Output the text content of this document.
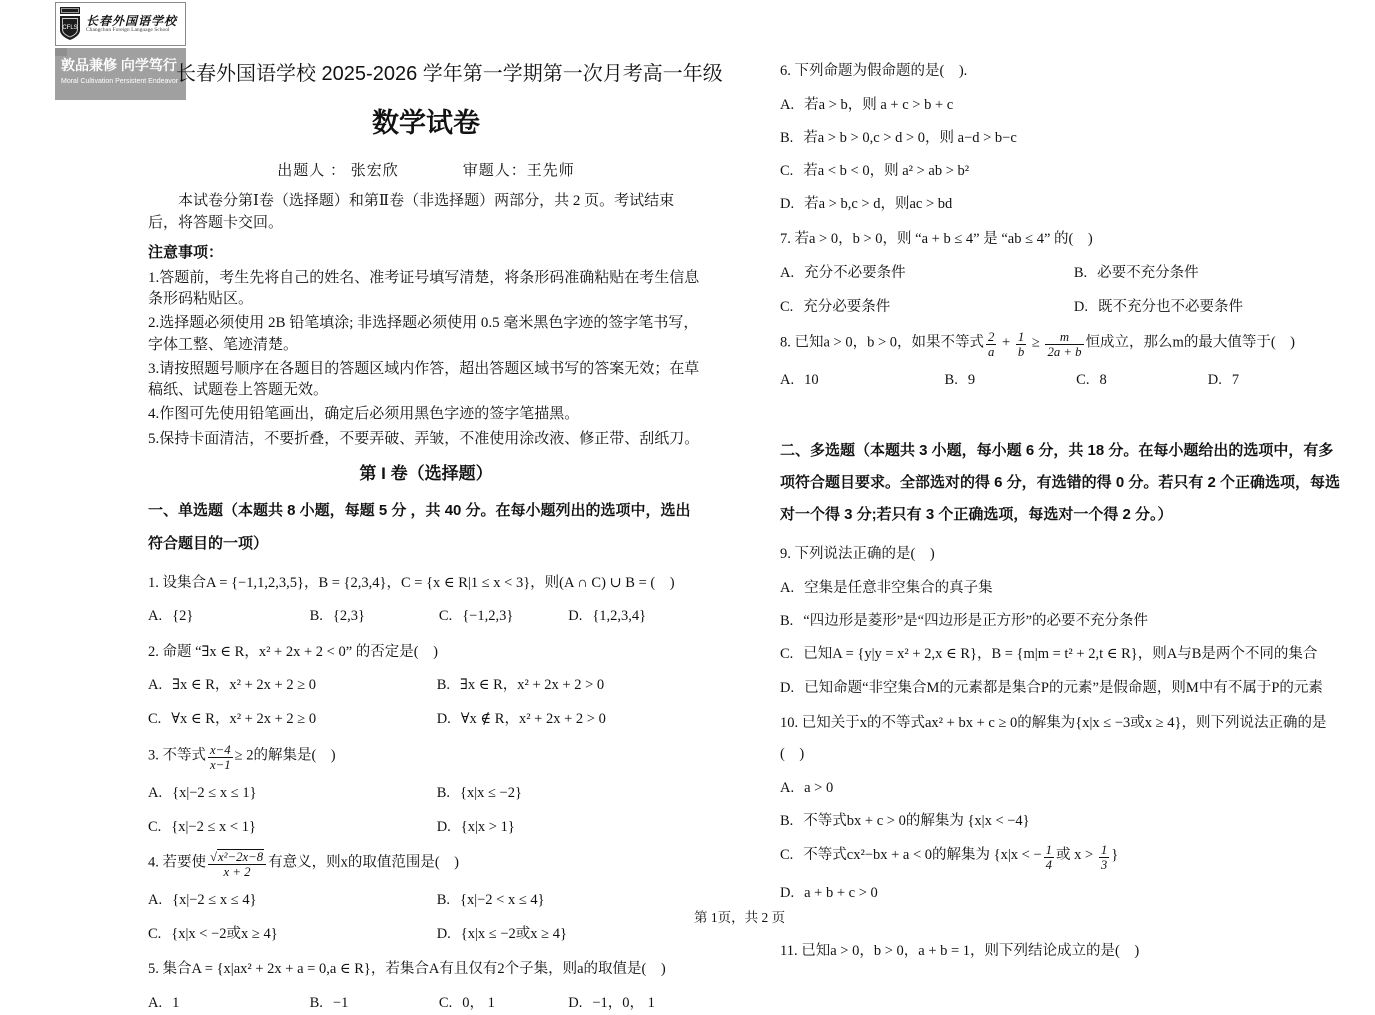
CFLS
长春外国语学校
Changchun Foreign Language School
敦品兼修 向学笃行
Moral Cultivation Persistent Endeavor
长春外国语学校 2025-2026 学年第一学期第一次月考高一年级
数学试卷
出题人 ： 张宏欣　　　　审题人：王先师
本试卷分第Ⅰ卷（选择题）和第Ⅱ卷（非选择题）两部分，共 2 页。考试结束后，将答题卡交回。
注意事项：
1.答题前，考生先将自己的姓名、准考证号填写清楚，将条形码准确粘贴在考生信息条形码粘贴区。
2.选择题必须使用 2B 铅笔填涂; 非选择题必须使用 0.5 毫米黑色字迹的签字笔书写，字体工整、笔迹清楚。
3.请按照题号顺序在各题目的答题区域内作答，超出答题区域书写的答案无效；在草稿纸、试题卷上答题无效。
4.作图可先使用铅笔画出，确定后必须用黑色字迹的签字笔描黑。
5.保持卡面清洁，不要折叠，不要弄破、弄皱，不准使用涂改液、修正带、刮纸刀。
第 I 卷（选择题）
一、单选题（本题共 8 小题，每题 5 分 ，共 40 分。在每小题列出的选项中，选出符合题目的一项）
1. 设集合A = {−1,1,2,3,5}，B = {2,3,4}，C = {x ∈ R|1 ≤ x < 3}，则(A ∩ C) ∪ B = (　)
A. {2}	B. {2,3}	C. {−1,2,3}	D. {1,2,3,4}
2. 命题 “∃x ∈ R，x² + 2x + 2 < 0” 的否定是(　)
A. ∃x ∈ R，x² + 2x + 2 ≥ 0	B. ∃x ∈ R，x² + 2x + 2 > 0
C. ∀x ∈ R，x² + 2x + 2 ≥ 0	D. ∀x ∉ R，x² + 2x + 2 > 0
3. 不等式 $\frac{x-4}{x-1} \ge 2$的解集是(　)
A. {x|−2 ≤ x ≤ 1}	B. {x|x ≤ −2}
C. {x|−2 ≤ x < 1}	D. {x|x > 1}
4. 若要使 $\frac{\text{√x²−2x−8}}{x + 2}$ 有意义，则x的取值范围是(　)
A. {x|−2 ≤ x ≤ 4}	B. {x|−2 < x ≤ 4}
C. {x|x < −2或x ≥ 4}	D. {x|x ≤ −2或x ≥ 4}
5. 集合A = {x|ax² + 2x + a = 0,a ∈ R}，若集合A有且仅有2个子集，则a的取值是(　)
A. 1	B. −1	C. 0， 1	D. −1，0， 1
6. 下列命题为假命题的是(　).
A. 若a > b，则 a + c > b + c
B. 若a > b > 0,c > d > 0，则 a−d > b−c
C. 若a < b < 0，则 a² > ab > b²
D. 若a > b,c > d，则ac > bd
7. 若a > 0，b > 0，则 “a + b ≤ 4” 是 “ab ≤ 4” 的(　)
A. 充分不必要条件	B. 必要不充分条件
C. 充分必要条件	D. 既不充分也不必要条件
8. 已知a > 0，b > 0，如果不等式 $\frac{2}{a} + \frac{1}{b} \ge \frac{m}{2a + b}$ 恒成立，那么m的最大值等于(　)
A. 10	B. 9	C. 8	D. 7
二、多选题（本题共 3 小题，每小题 6 分，共 18 分。在每小题给出的选项中，有多项符合题目要求。全部选对的得 6 分，有选错的得 0 分。若只有 2 个正确选项，每选对一个得 3 分;若只有 3 个正确选项，每选对一个得 2 分。）
9. 下列说法正确的是(　)
A. 空集是任意非空集合的真子集
B. “四边形是菱形”是“四边形是正方形”的必要不充分条件
C. 已知A = {y|y = x² + 2,x ∈ R}，B = {m|m = t² + 2,t ∈ R}，则A与B是两个不同的集合
D. 已知命题“非空集合M的元素都是集合P的元素”是假命题，则M中有不属于P的元素
10. 已知关于x的不等式ax² + bx + c ≥ 0的解集为{x|x ≤ −3或x ≥ 4}，则下列说法正确的是
(　)
A. a > 0
B. 不等式bx + c > 0的解集为 {x|x < −4}
C. 不等式cx²−bx + a < 0的解集为 {x|x < − $\frac{1}{4}$ 或 $x > \frac{1}{3}$ }
D. a + b + c > 0
11. 已知a > 0，b > 0，a + b = 1，则下列结论成立的是(　)
第 1页，共 2 页
